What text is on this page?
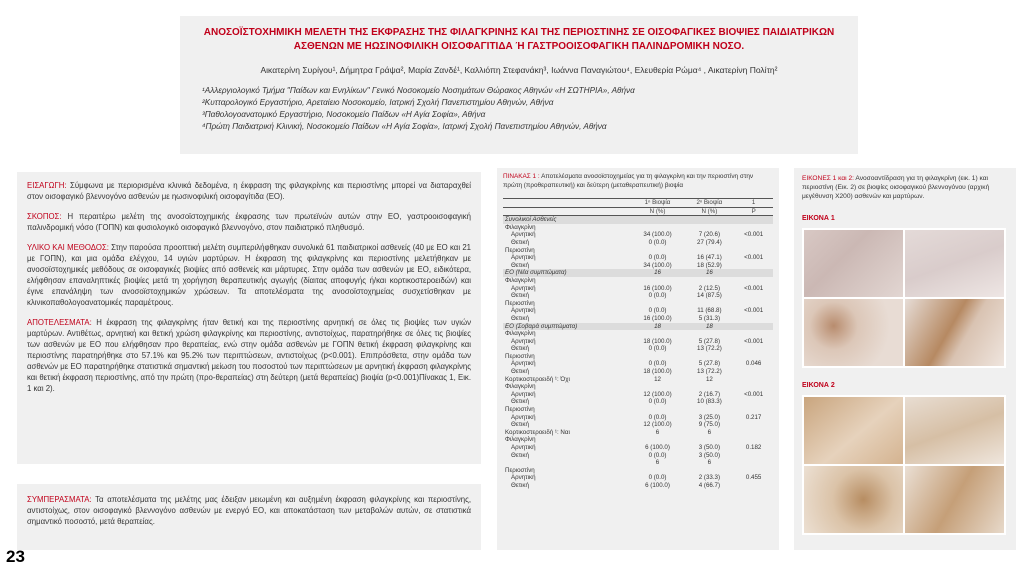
ΑΝΟΣΟΪΣΤΟΧΗΜΙΚΗ ΜΕΛΕΤΗ ΤΗΣ ΕΚΦΡΑΣΗΣ ΤΗΣ ΦΙΛΑΓΚΡΙΝΗΣ ΚΑΙ ΤΗΣ ΠΕΡΙΟΣΤΙΝΗΣ ΣΕ ΟΙΣΟΦΑΓΙΚΕΣ ΒΙΟΨΙΕΣ ΠΑΙΔΙΑΤΡΙΚΩΝ ΑΣΘΕΝΩΝ ΜΕ ΗΩΣΙΝΟΦΙΛΙΚΗ ΟΙΣΟΦΑΓΙΤΙΔΑ Ή ΓΑΣΤΡΟΟΙΣΟΦΑΓΙΚΗ ΠΑΛΙΝΔΡΟΜΙΚΗ ΝΟΣΟ.
Αικατερίνη Συρίγου¹, Δήμητρα Γράψα², Μαρία Ζανδέ¹, Καλλιόπη Στεφανάκη³, Ιωάννα Παναγιώτου⁴, Ελευθερία Ρώμα⁴ , Αικατερίνη Πολίτη²
¹Αλλεργιολογικό Τμήμα "Παίδων και Ενηλίκων" Γενικό Νοσοκομείο Νοσημάτων Θώρακος Αθηνών «Η ΣΩΤΗΡΙΑ», Αθήνα
²Κυτταρολογικό Εργαστήριο, Αρεταίειο Νοσοκομείο, Ιατρική Σχολή Πανεπιστημίου Αθηνών, Αθήνα
³Παθολογοανατομικό Εργαστήριο, Νοσοκομείο Παίδων «Η Αγία Σοφία», Αθήνα
⁴Πρώτη Παιδιατρική Κλινική, Νοσοκομείο Παίδων «Η Αγία Σοφία», Ιατρική Σχολή Πανεπιστημίου Αθηνών, Αθήνα

ΕΙΣΑΓΩΓΗ: Σύμφωνα με περιορισμένα κλινικά δεδομένα, η έκφραση της φιλαγκρίνης και περιοστίνης μπορεί να διαταραχθεί στον οισοφαγικό βλεννογόνο ασθενών με ηωσινοφιλική οισοφαγίτιδα (ΕΟ).

ΣΚΟΠΟΣ: Η περαιτέρω μελέτη της ανοσοϊστοχημικής έκφρασης των πρωτεϊνών αυτών στην ΕΟ, γαστροοισοφαγική παλινδρομική νόσο (ΓΟΠΝ) και φυσιολογικό οισοφαγικό βλεννογόνο, στον παιδιατρικό πληθυσμό.

ΥΛΙΚΟ ΚΑΙ ΜΕΘΟΔΟΣ: Στην παρούσα προοπτική μελέτη συμπεριλήφθηκαν συνολικά 61 παιδιατρικοί ασθενείς (40 με ΕΟ και 21 με ΓΟΠΝ), και μια ομάδα ελέγχου, 14 υγιών μαρτύρων. Η έκφραση της φιλαγκρίνης και περιοστίνης μελετήθηκαν με ανοσοϊστοχημικές μεθόδους σε οισοφαγικές βιοψίες από ασθενείς και μάρτυρες. Στην ομάδα των ασθενών με ΕΟ, ειδικότερα, ελήφθησαν επαναληπτικές βιοψίες μετά τη χορήγηση θεραπευτικής αγωγής (δίαιτας αποφυγής ή/και κορτικοστεροειδών) και έγινε επανάληψη των ανοσοϊστοχημικών χρώσεων. Τα αποτελέσματα της ανοσοϊστοχημείας συσχετίσθηκαν με κλινικοπαθολογοανατομικές παραμέτρους.

ΑΠΟΤΕΛΕΣΜΑΤΑ: Η έκφραση της φιλαγκρίνης ήταν θετική και της περιοστίνης αρνητική σε όλες τις βιοψίες των υγιών μαρτύρων. Αντιθέτως, αρνητική και θετική χρώση φιλαγκρίνης και περιοστίνης, αντιστοίχως, παρατηρήθηκε σε όλες τις βιοψίες των ασθενών με ΕΟ που ελήφθησαν προ θεραπείας, ενώ στην ομάδα ασθενών με ΓΟΠΝ θετική έκφραση φιλαγκρίνης και περιοστίνης παρατηρήθηκε στο 57.1% και 95.2% των περιπτώσεων, αντιστοίχως (p<0.001). Επιπρόσθετα, στην ομάδα των ασθενών με ΕΟ παρατηρήθηκε στατιστικά σημαντική μείωση του ποσοστού των περιπτώσεων με αρνητική έκφραση φιλαγκρίνης και θετική έκφραση περιοστίνης, από την πρώτη (προ-θεραπείας) στη δεύτερη (μετά θεραπείας) βιοψία (p<0.001)Πίνακας 1, Εικ. 1 και 2).

ΣΥΜΠΕΡΑΣΜΑΤΑ: Τα αποτελέσματα της μελέτης μας έδειξαν μειωμένη και αυξημένη έκφραση φιλαγκρίνης και περιοστίνης, αντιστοίχως, στον οισοφαγικό βλεννογόνο ασθενών με ενεργό ΕΟ, και αποκατάσταση των μεταβολών αυτών, σε στατιστικά σημαντικό ποσοστό, μετά θεραπείας.

ΠΙΝΑΚΑΣ 1 : Αποτελέσματα ανοσοϊστοχημείας για τη φιλαγκρίνη και την περιοστίνη στην πρώτη (προθεραπευτική) και δεύτερη (μεταθεραπευτική) βιοψία
	1ⁿ Βιοψία	2ⁿ Βιοψία	1
	N (%)	N (%)	P
Συνολικοί Ασθενείς			
Φιλαγκρίνη			
Αρνητική	34 (100.0)	7 (20.6)	<0.001
Θετική	0 (0.0)	27 (79.4)	
Περιοστίνη			
Αρνητική	0 (0.0)	16 (47.1)	<0.001
Θετική	34 (100.0)	18 (52.9)	
ΕΟ (Νέα συμπτώματα)	16	16	
Φιλαγκρίνη			
Αρνητική	16 (100.0)	2 (12.5)	<0.001
Θετική	0 (0.0)	14 (87.5)	
Περιοστίνη			
Αρνητική	0 (0.0)	11 (68.8)	<0.001
Θετική	16 (100.0)	5 (31.3)	
ΕΟ (Σοβαρά συμπτώματα)	18	18	
Φιλαγκρίνη			
Αρνητική	18 (100.0)	5 (27.8)	<0.001
Θετική	0 (0.0)	13 (72.2)	
Περιοστίνη			
Αρνητική	0 (0.0)	5 (27.8)	0.046
Θετική	18 (100.0)	13 (72.2)	
Κορτικοστεροειδή ¹: Όχι	12	12	
Φιλαγκρίνη			
Αρνητική	12 (100.0)	2 (16.7)	<0.001
Θετική	0 (0.0)	10 (83.3)	
Περιοστίνη			
Αρνητική	0 (0.0)	3 (25.0)	0.217
Θετική	12 (100.0)	9 (75.0)	
Κορτικοστεροειδή ¹: Ναι	6	6	
Φιλαγκρίνη			
Αρνητική	6 (100.0)	3 (50.0)	0.182
Θετική	0 (0.0)	3 (50.0)	
	6	6	
Περιοστίνη			
Αρνητική	0 (0.0)	2 (33.3)	0.455
Θετική	6 (100.0)	4 (66.7)	
ΕΙΚΟΝΕΣ 1 και 2: Ανοσοαντίδραση για τη φιλαγκρίνη (εικ. 1) και περιοστίνη (Εικ. 2) σε βιοψίες οισοφαγικού βλεννογόνου (αρχική μεγέθυνση Χ200) ασθενών και μαρτύρων.
ΕΙΚΟΝΑ 1
ΕΙΚΟΝΑ 2
23
